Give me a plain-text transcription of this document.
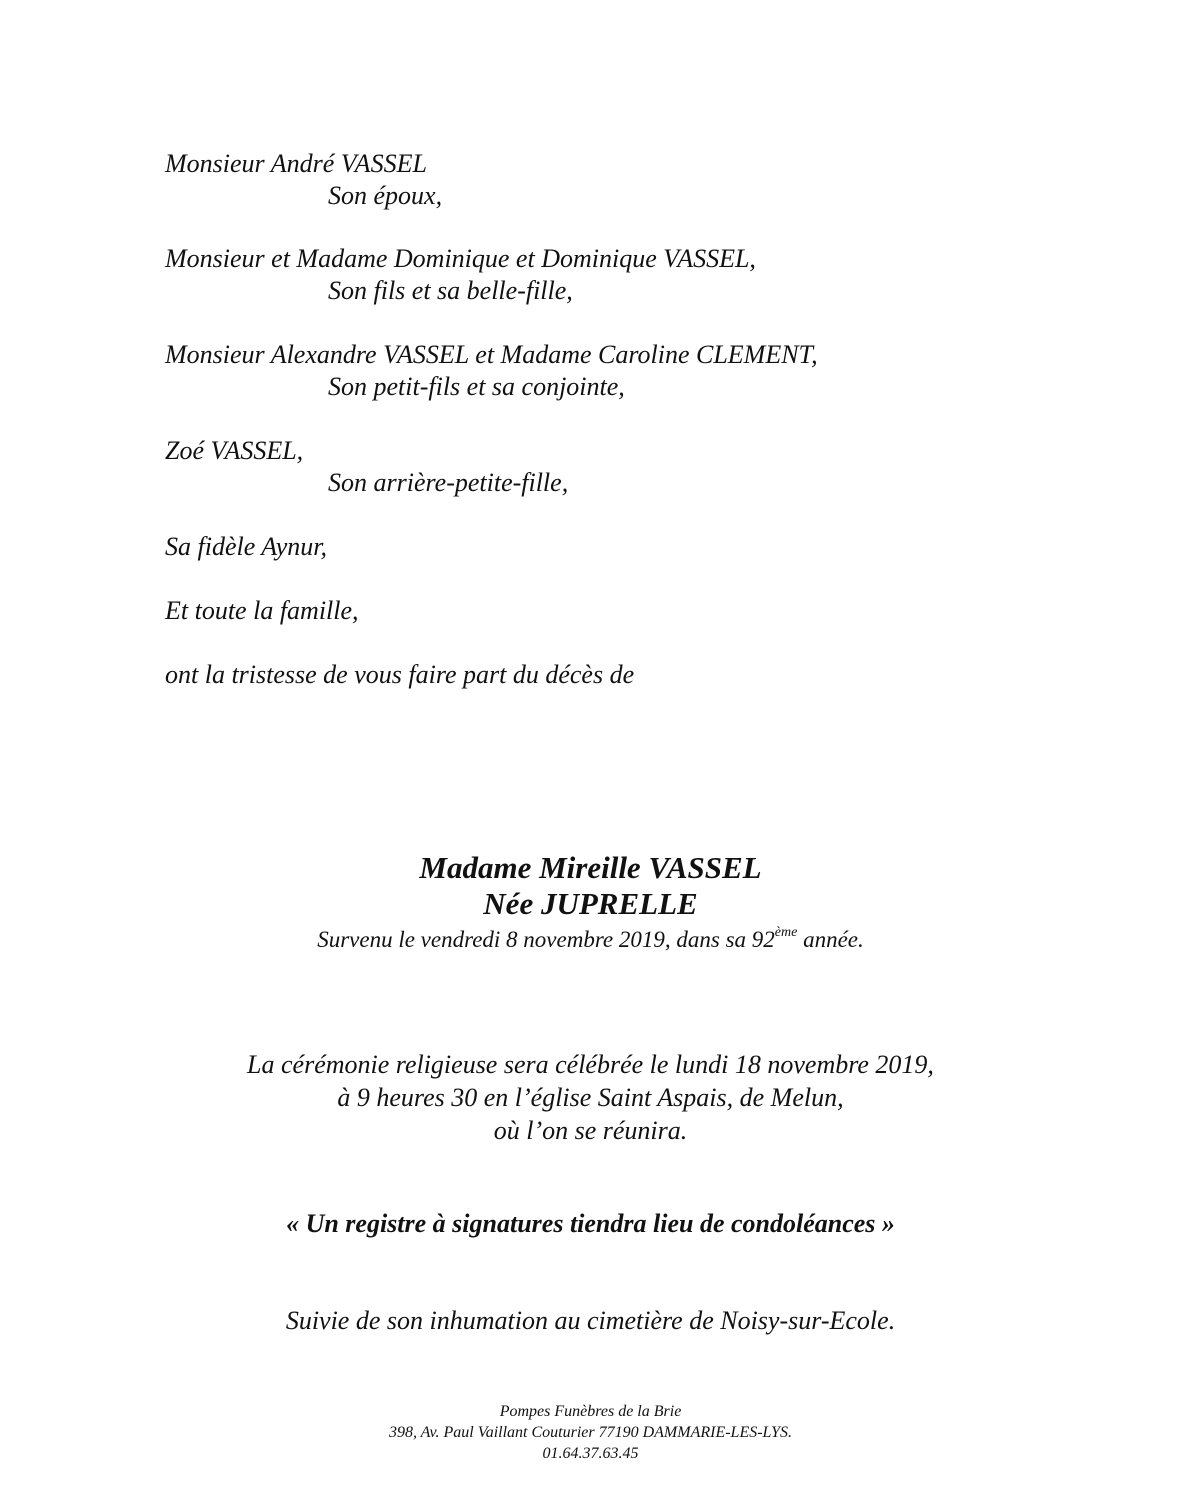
Monsieur André VASSEL
Son époux,
Monsieur et Madame Dominique et Dominique VASSEL,
Son fils et sa belle-fille,
Monsieur Alexandre VASSEL et Madame Caroline CLEMENT,
Son petit-fils et sa conjointe,
Zoé VASSEL,
Son arrière-petite-fille,
Sa fidèle Aynur,
Et toute la famille,
ont la tristesse de vous faire part du décès de
Madame Mireille VASSEL
Née JUPRELLE
Survenu le vendredi 8 novembre 2019, dans sa 92ème année.
La cérémonie religieuse sera célébrée le lundi 18 novembre 2019,
à 9 heures 30 en l’église Saint Aspais, de Melun,
où l’on se réunira.
« Un registre à signatures tiendra lieu de condoléances »
Suivie de son inhumation au cimetière de Noisy-sur-Ecole.
Pompes Funèbres de la Brie
398, Av. Paul Vaillant Couturier 77190 DAMMARIE-LES-LYS.
01.64.37.63.45
